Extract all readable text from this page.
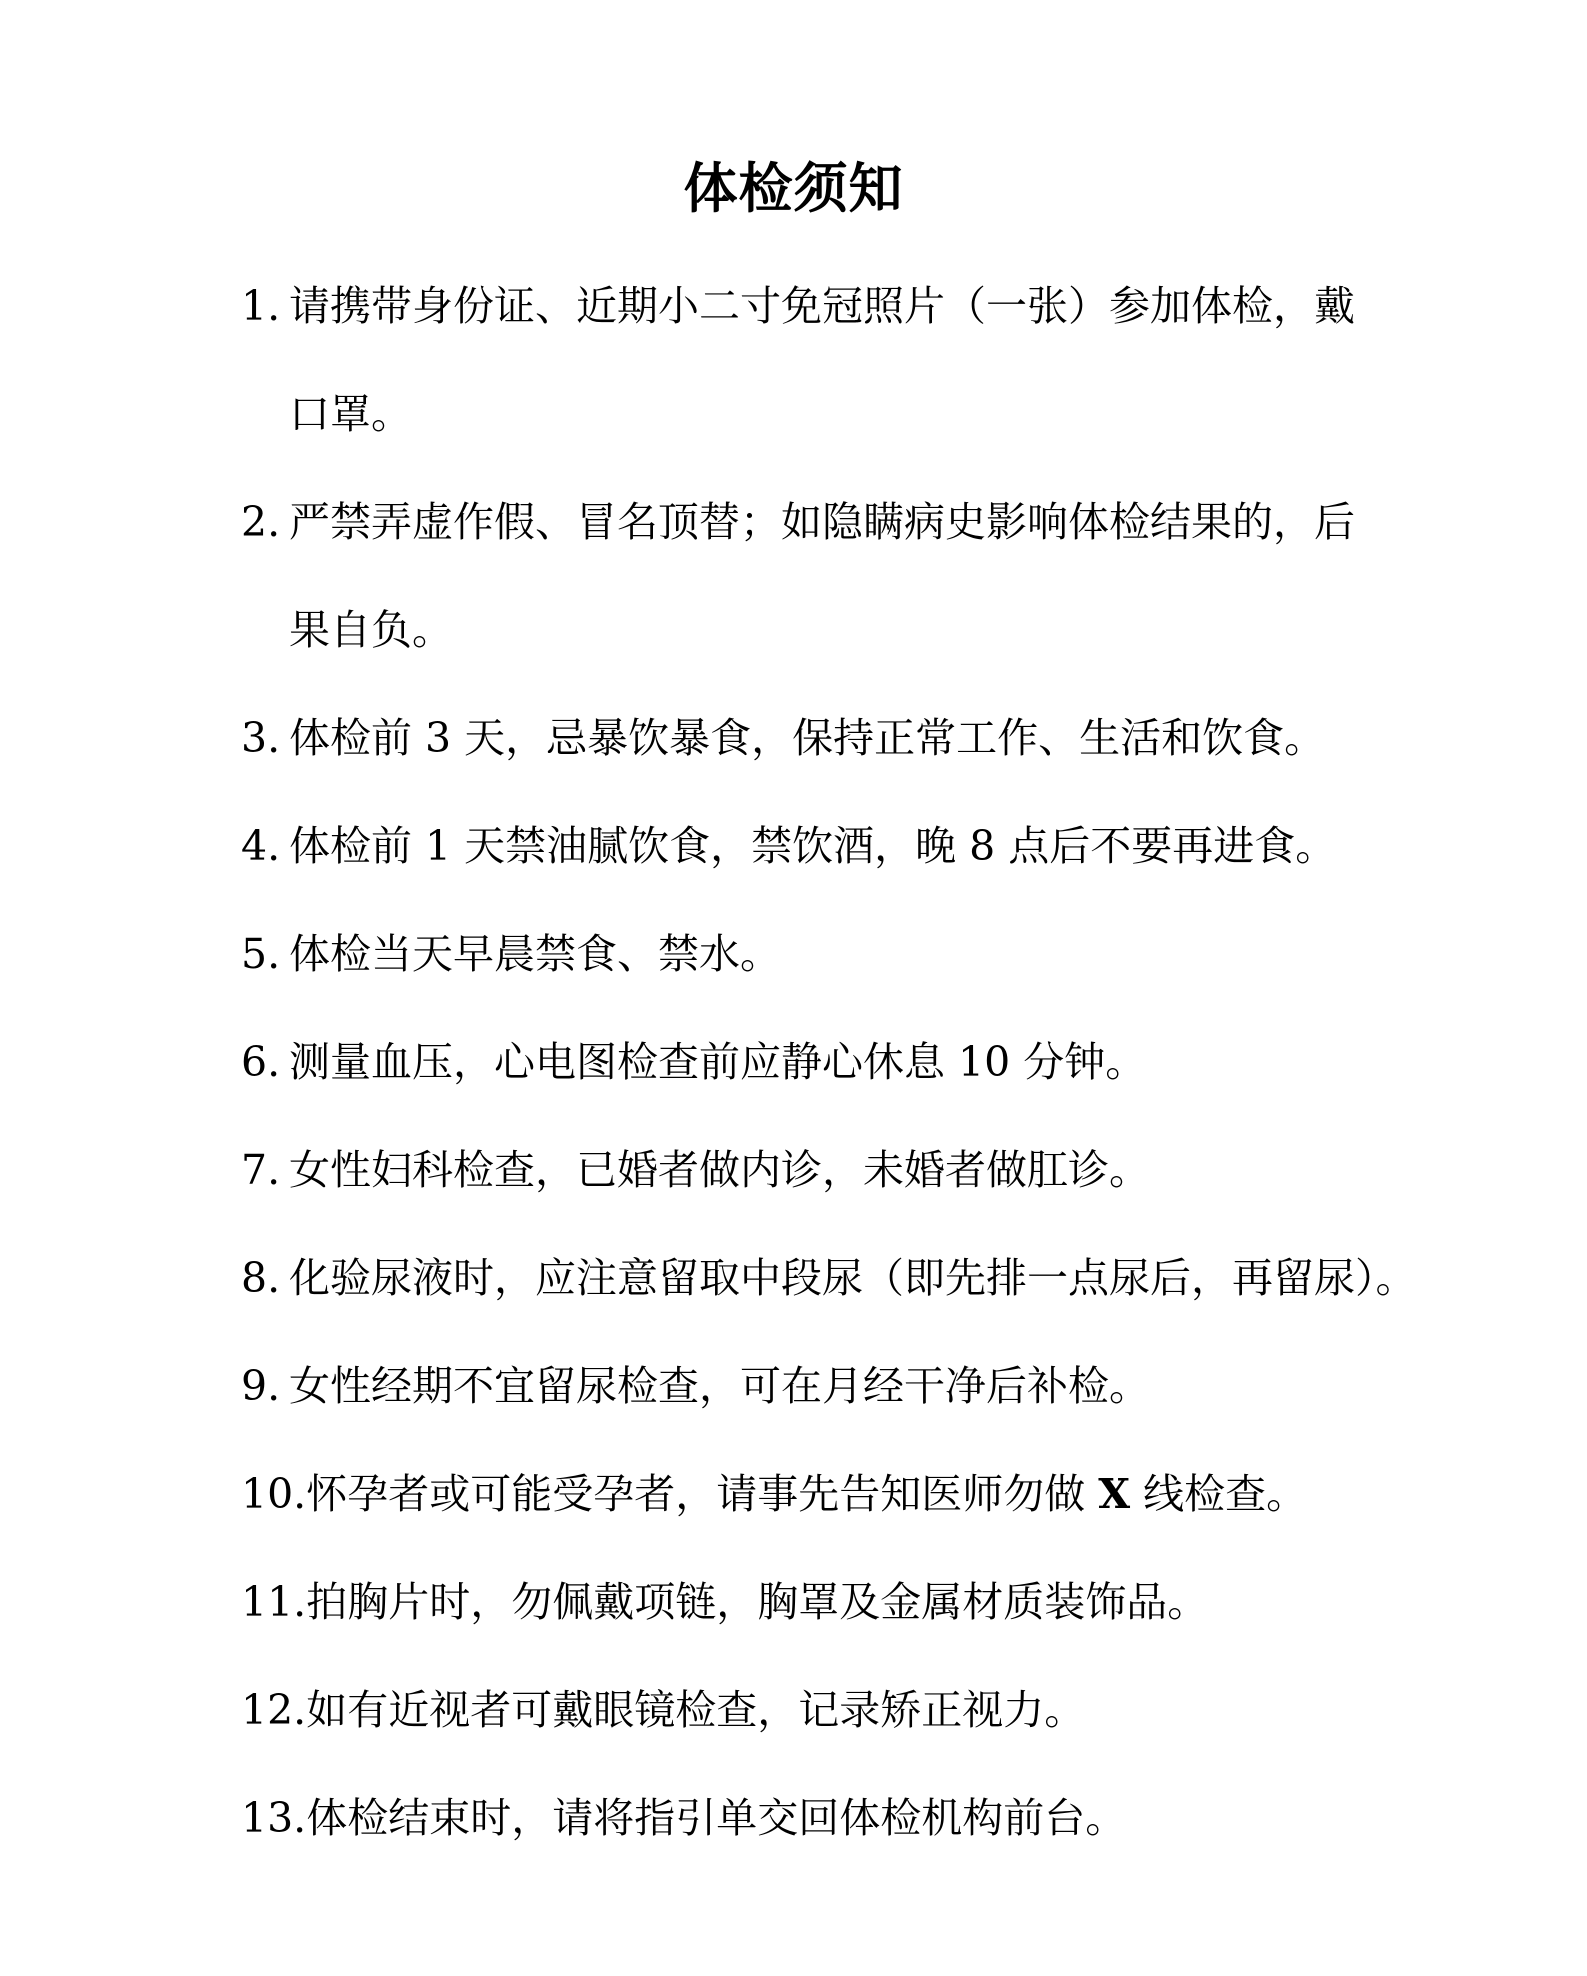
体检须知
1. 请携带身份证、近期小二寸免冠照片（一张）参加体检，戴
口罩。
2. 严禁弄虚作假、冒名顶替；如隐瞒病史影响体检结果的，后
果自负。
3. 体检前 3 天，忌暴饮暴食，保持正常工作、生活和饮食。
4. 体检前 1 天禁油腻饮食，禁饮酒，晚 8 点后不要再进食。
5. 体检当天早晨禁食、禁水。
6. 测量血压，心电图检查前应静心休息 10 分钟。
7. 女性妇科检查，已婚者做内诊，未婚者做肛诊。
8. 化验尿液时，应注意留取中段尿（即先排一点尿后，再留尿）。
9. 女性经期不宜留尿检查，可在月经干净后补检。
10.怀孕者或可能受孕者，请事先告知医师勿做 X 线检查。
11.拍胸片时，勿佩戴项链，胸罩及金属材质装饰品。
12.如有近视者可戴眼镜检查，记录矫正视力。
13.体检结束时，请将指引单交回体检机构前台。
